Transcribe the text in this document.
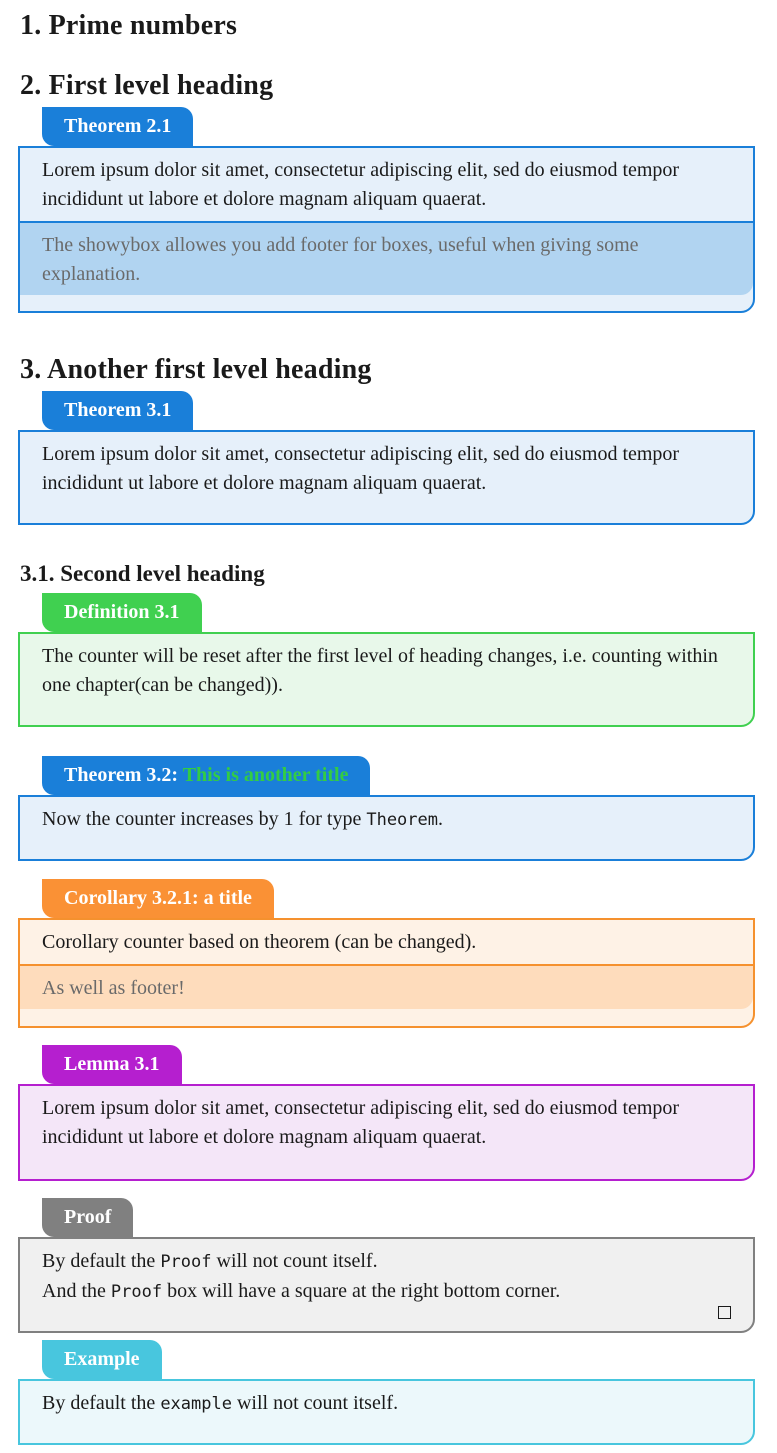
1. Prime numbers
2. First level heading
Theorem 2.1
Lorem ipsum dolor sit amet, consectetur adipiscing elit, sed do eiusmod tempor incididunt ut labore et dolore magnam aliquam quaerat.
The showybox allowes you add footer for boxes, useful when giving some explanation.
3. Another first level heading
Theorem 3.1
Lorem ipsum dolor sit amet, consectetur adipiscing elit, sed do eiusmod tempor incididunt ut labore et dolore magnam aliquam quaerat.
3.1. Second level heading
Definition 3.1
The counter will be reset after the first level of heading changes, i.e. counting within one chapter(can be changed)).
Theorem 3.2: This is another title
Now the counter increases by 1 for type Theorem.
Corollary 3.2.1: a title
Corollary counter based on theorem (can be changed).
As well as footer!
Lemma 3.1
Lorem ipsum dolor sit amet, consectetur adipiscing elit, sed do eiusmod tempor incididunt ut labore et dolore magnam aliquam quaerat.
Proof
By default the Proof will not count itself.
And the Proof box will have a square at the right bottom corner.
Example
By default the example will not count itself.
